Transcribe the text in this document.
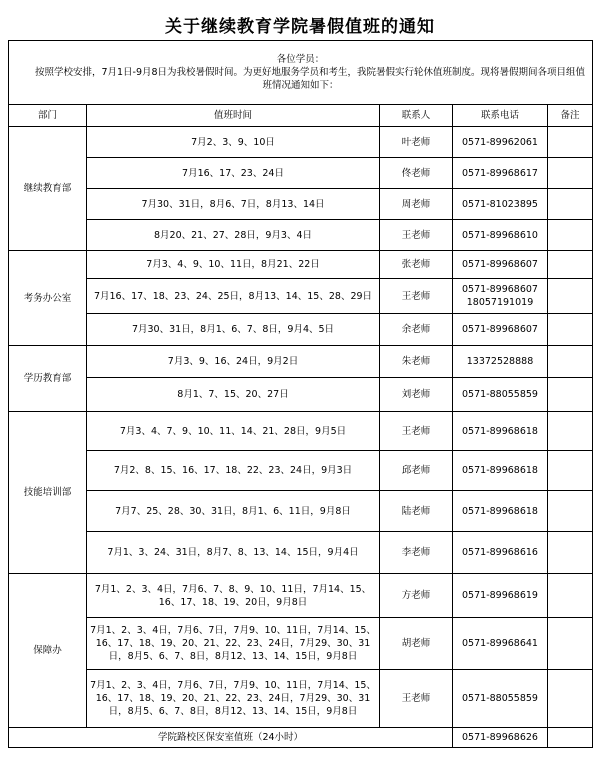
关于继续教育学院暑假值班的通知
各位学员：
按照学校安排，7月1日-9月8日为我校暑假时间。为更好地服务学员和考生，我院暑假实行轮休值班制度。现将暑假期间各项目组值班情况通知如下：				

部门	值班时间	联系人	联系电话	备注
继续教育部	7月2、3、9、10日	叶老师	0571-89962061	
	7月16、17、23、24日	佟老师	0571-89968617	
	7月30、31日，8月6、7日，8月13、14日	周老师	0571-81023895	
	8月20、21、27、28日，9月3、4日	王老师	0571-89968610	
考务办公室	7月3、4、9、10、11日，8月21、22日	张老师	0571-89968607	
	7月16、17、18、23、24、25日，8月13、14、15、28、29日	王老师	0571-89968607
18057191019	

	7月30、31日，8月1、6、7、8日，9月4、5日	余老师	0571-89968607	
学历教育部	7月3、9、16、24日，9月2日	朱老师	13372528888	
	8月1、7、15、20、27日	刘老师	0571-88055859	
技能培训部	7月3、4、7、9、10、11、14、21、28日，9月5日	王老师	0571-89968618	
	7月2、8、15、16、17、18、22、23、24日，9月3日	邱老师	0571-89968618	
	7月7、25、28、30、31日，8月1、6、11日，9月8日	陆老师	0571-89968618	
	7月1、3、24、31日，8月7、8、13、14、15日，9月4日	李老师	0571-89968616	
保障办	7月1、2、3、4日，7月6、7、8、9、10、11日，7月14、15、16、17、18、19、20日，9月8日	方老师	0571-89968619	
	7月1、2、3、4日，7月6、7日，7月9、10、11日，7月14、15、16、17、18、19、20、21、22、23、24日，7月29、30、31日，8月5、6、7、8日，8月12、13、14、15日，9月8日	胡老师	0571-89968641	
	7月1、2、3、4日，7月6、7日，7月9、10、11日，7月14、15、16、17、18、19、20、21、22、23、24日，7月29、30、31日，8月5、6、7、8日，8月12、13、14、15日，9月8日	王老师	0571-88055859	
学院路校区保安室值班（24小时）			0571-89968626	
